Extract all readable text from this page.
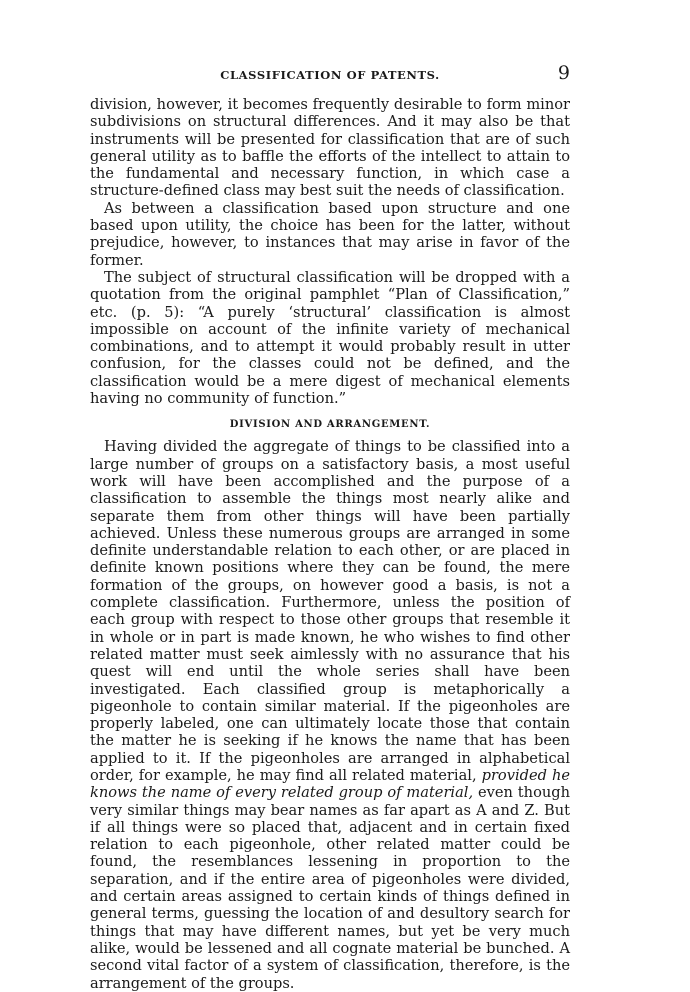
CLASSIFICATION OF PATENTS.	9

division, however, it becomes frequently desirable to form minor subdivisions on structural differences. And it may also be that instruments will be presented for classification that are of such general utility as to baffle the efforts of the intellect to attain to the fundamental and necessary function, in which case a structure-defined class may best suit the needs of classification.

As between a classification based upon structure and one based upon utility, the choice has been for the latter, without prejudice, however, to instances that may arise in favor of the former.

The subject of structural classification will be dropped with a quotation from the original pamphlet “Plan of Classification,” etc. (p. 5): “A purely ‘structural’ classification is almost impossible on account of the infinite variety of mechanical combinations, and to attempt it would probably result in utter confusion, for the classes could not be defined, and the classification would be a mere digest of mechanical elements having no community of function.”

DIVISION AND ARRANGEMENT.

Having divided the aggregate of things to be classified into a large number of groups on a satisfactory basis, a most useful work will have been accomplished and the purpose of a classification to assemble the things most nearly alike and separate them from other things will have been partially achieved. Unless these numerous groups are arranged in some definite understandable relation to each other, or are placed in definite known positions where they can be found, the mere formation of the groups, on however good a basis, is not a complete classification. Furthermore, unless the position of each group with respect to those other groups that resemble it in whole or in part is made known, he who wishes to find other related matter must seek aimlessly with no assurance that his quest will end until the whole series shall have been investigated. Each classified group is metaphorically a pigeonhole to contain similar material. If the pigeonholes are properly labeled, one can ultimately locate those that contain the matter he is seeking if he knows the name that has been applied to it. If the pigeonholes are arranged in alphabetical order, for example, he may find all related material, provided he knows the name of every related group of material, even though very similar things may bear names as far apart as A and Z. But if all things were so placed that, adjacent and in certain fixed relation to each pigeonhole, other related matter could be found, the resemblances lessening in proportion to the separation, and if the entire area of pigeonholes were divided, and certain areas assigned to certain kinds of things defined in general terms, guessing the location of and desultory search for things that may have different names, but yet be very much alike, would be lessened and all cognate material be bunched. A second vital factor of a system of classification, therefore, is the arrangement of the groups.
